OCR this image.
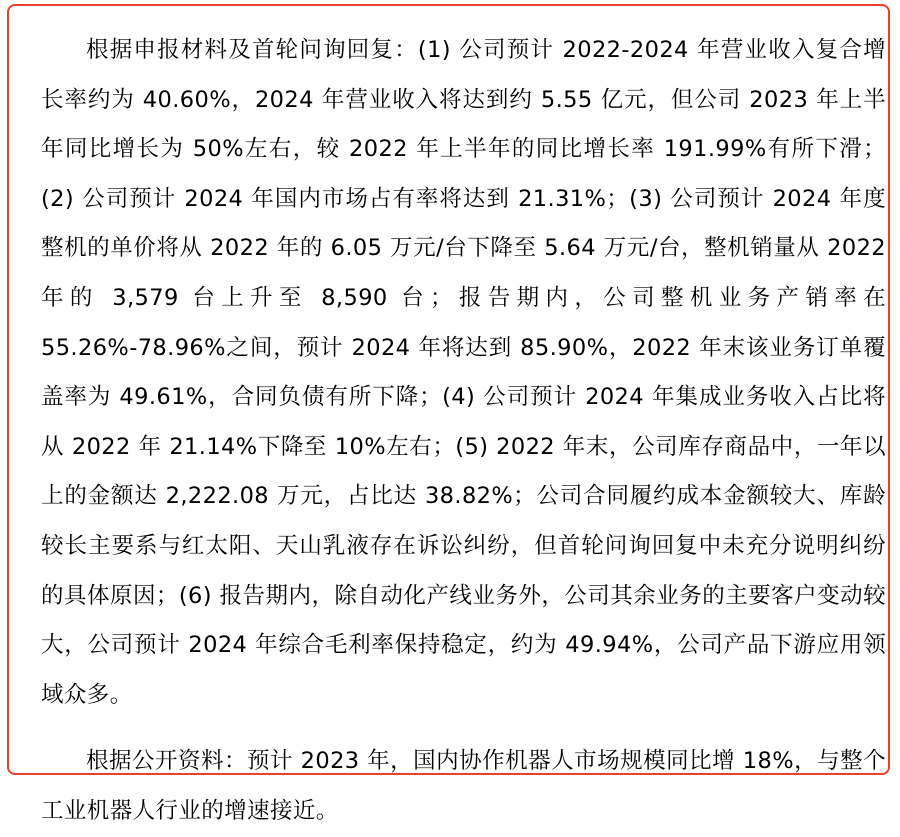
根据申报材料及首轮问询回复：(1) 公司预计 2022-2024 年营业收入复合增长率约为 40.60%，2024 年营业收入将达到约 5.55 亿元，但公司 2023 年上半年同比增长为 50%左右，较 2022 年上半年的同比增长率 191.99%有所下滑；(2) 公司预计 2024 年国内市场占有率将达到 21.31%；(3) 公司预计 2024 年度整机的单价将从 2022 年的 6.05 万元/台下降至 5.64 万元/台，整机销量从 2022 年的 3,579 台上升至 8,590 台；报告期内，公司整机业务产销率在 55.26%-78.96%之间，预计 2024 年将达到 85.90%，2022 年末该业务订单覆盖率为 49.61%，合同负债有所下降；(4) 公司预计 2024 年集成业务收入占比将从 2022 年 21.14%下降至 10%左右；(5) 2022 年末，公司库存商品中，一年以上的金额达 2,222.08 万元，占比达 38.82%；公司合同履约成本金额较大、库龄较长主要系与红太阳、天山乳液存在诉讼纠纷，但首轮问询回复中未充分说明纠纷的具体原因；(6) 报告期内，除自动化产线业务外，公司其余业务的主要客户变动较大，公司预计 2024 年综合毛利率保持稳定，约为 49.94%，公司产品下游应用领域众多。

根据公开资料：预计 2023 年，国内协作机器人市场规模同比增 18%，与整个工业机器人行业的增速接近。
